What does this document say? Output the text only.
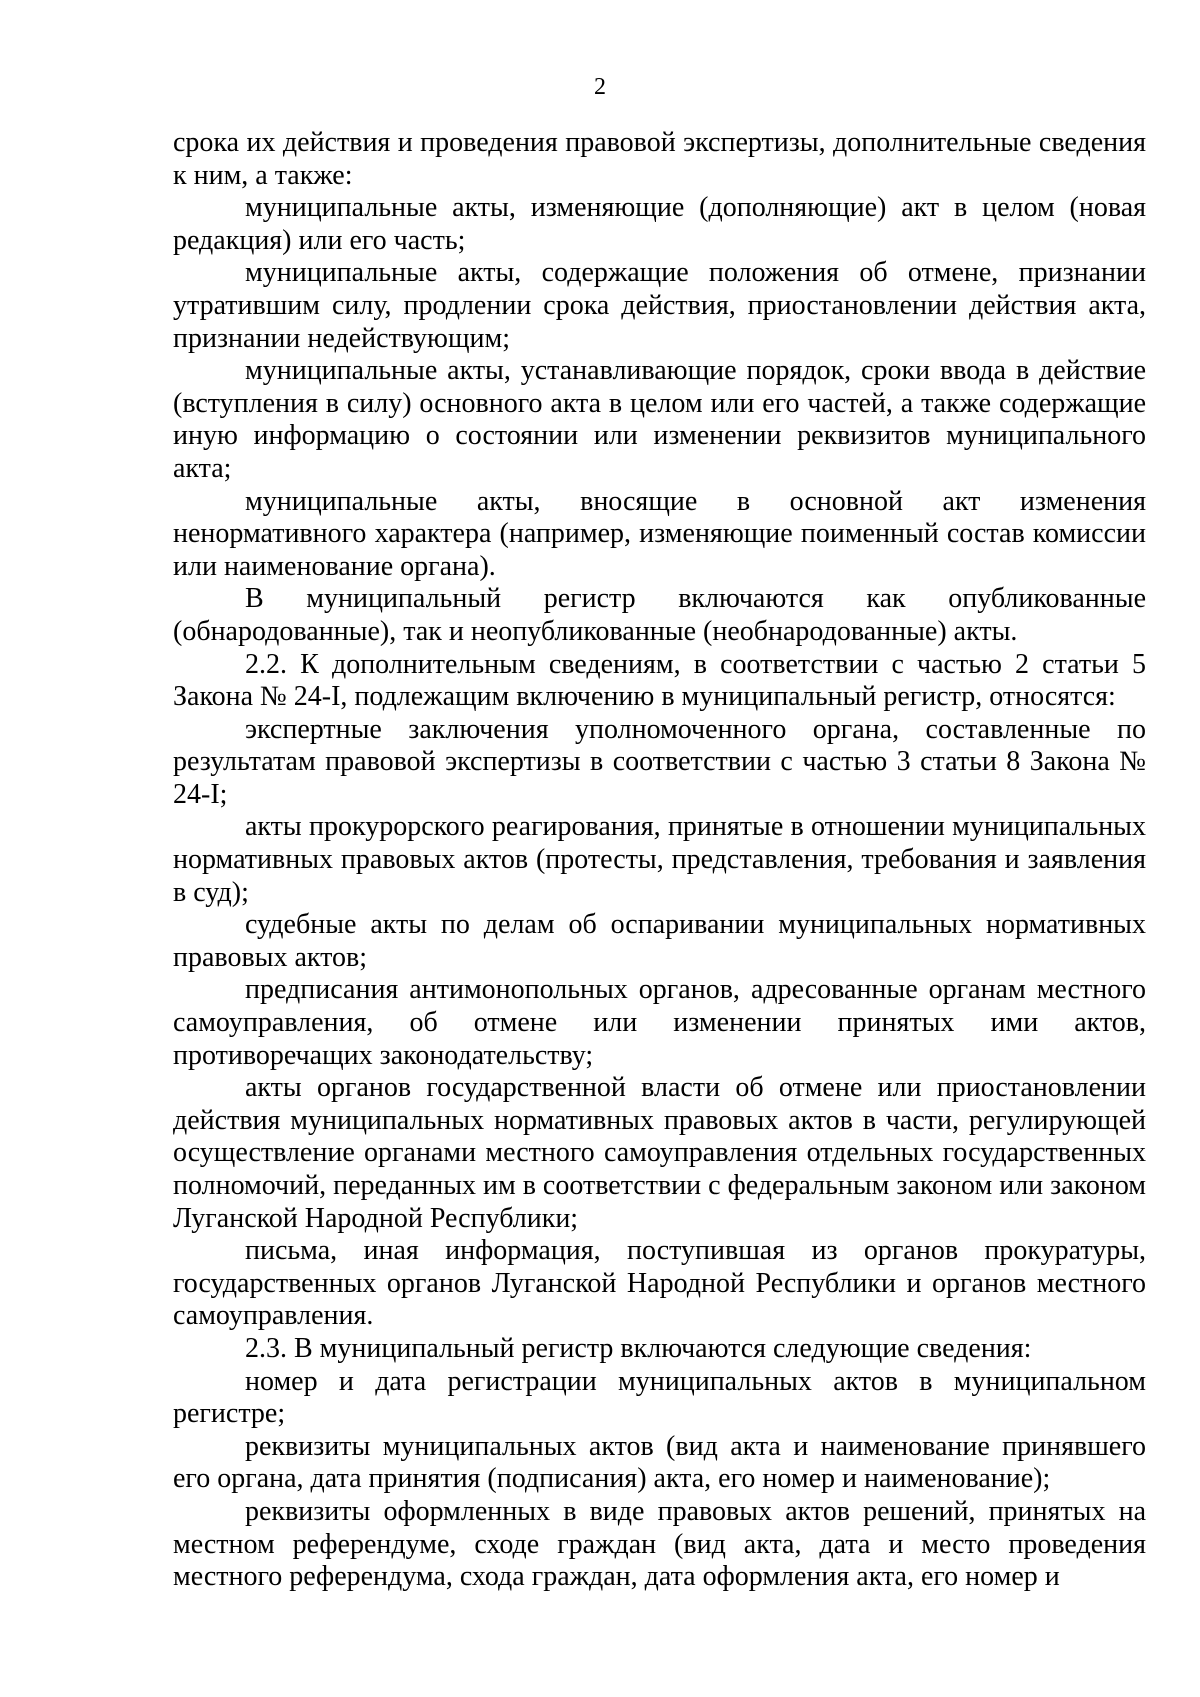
2

срока их действия и проведения правовой экспертизы, дополнительные сведения к ним, а также:

муниципальные акты, изменяющие (дополняющие) акт в целом (новая редакция) или его часть;

муниципальные акты, содержащие положения об отмене, признании утратившим силу, продлении срока действия, приостановлении действия акта, признании недействующим;

муниципальные акты, устанавливающие порядок, сроки ввода в действие (вступления в силу) основного акта в целом или его частей, а также содержащие иную информацию о состоянии или изменении реквизитов муниципального акта;

муниципальные акты, вносящие в основной акт изменения ненормативного характера (например, изменяющие поименный состав комиссии или наименование органа).

В муниципальный регистр включаются как опубликованные (обнародованные), так и неопубликованные (необнародованные) акты.

2.2. К дополнительным сведениям, в соответствии с частью 2 статьи 5 Закона № 24-I, подлежащим включению в муниципальный регистр, относятся:

экспертные заключения уполномоченного органа, составленные по результатам правовой экспертизы в соответствии с частью 3 статьи 8 Закона № 24-I;

акты прокурорского реагирования, принятые в отношении муниципальных нормативных правовых актов (протесты, представления, требования и заявления в суд);

судебные акты по делам об оспаривании муниципальных нормативных правовых актов;

предписания антимонопольных органов, адресованные органам местного самоуправления, об отмене или изменении принятых ими актов, противоречащих законодательству;

акты органов государственной власти об отмене или приостановлении действия муниципальных нормативных правовых актов в части, регулирующей осуществление органами местного самоуправления отдельных государственных полномочий, переданных им в соответствии с федеральным законом или законом Луганской Народной Республики;

письма, иная информация, поступившая из органов прокуратуры, государственных органов Луганской Народной Республики и органов местного самоуправления.

2.3. В муниципальный регистр включаются следующие сведения:

номер и дата регистрации муниципальных актов в муниципальном регистре;

реквизиты муниципальных актов (вид акта и наименование принявшего его органа, дата принятия (подписания) акта, его номер и наименование);

реквизиты оформленных в виде правовых актов решений, принятых на местном референдуме, сходе граждан (вид акта, дата и место проведения местного референдума, схода граждан, дата оформления акта, его номер и
